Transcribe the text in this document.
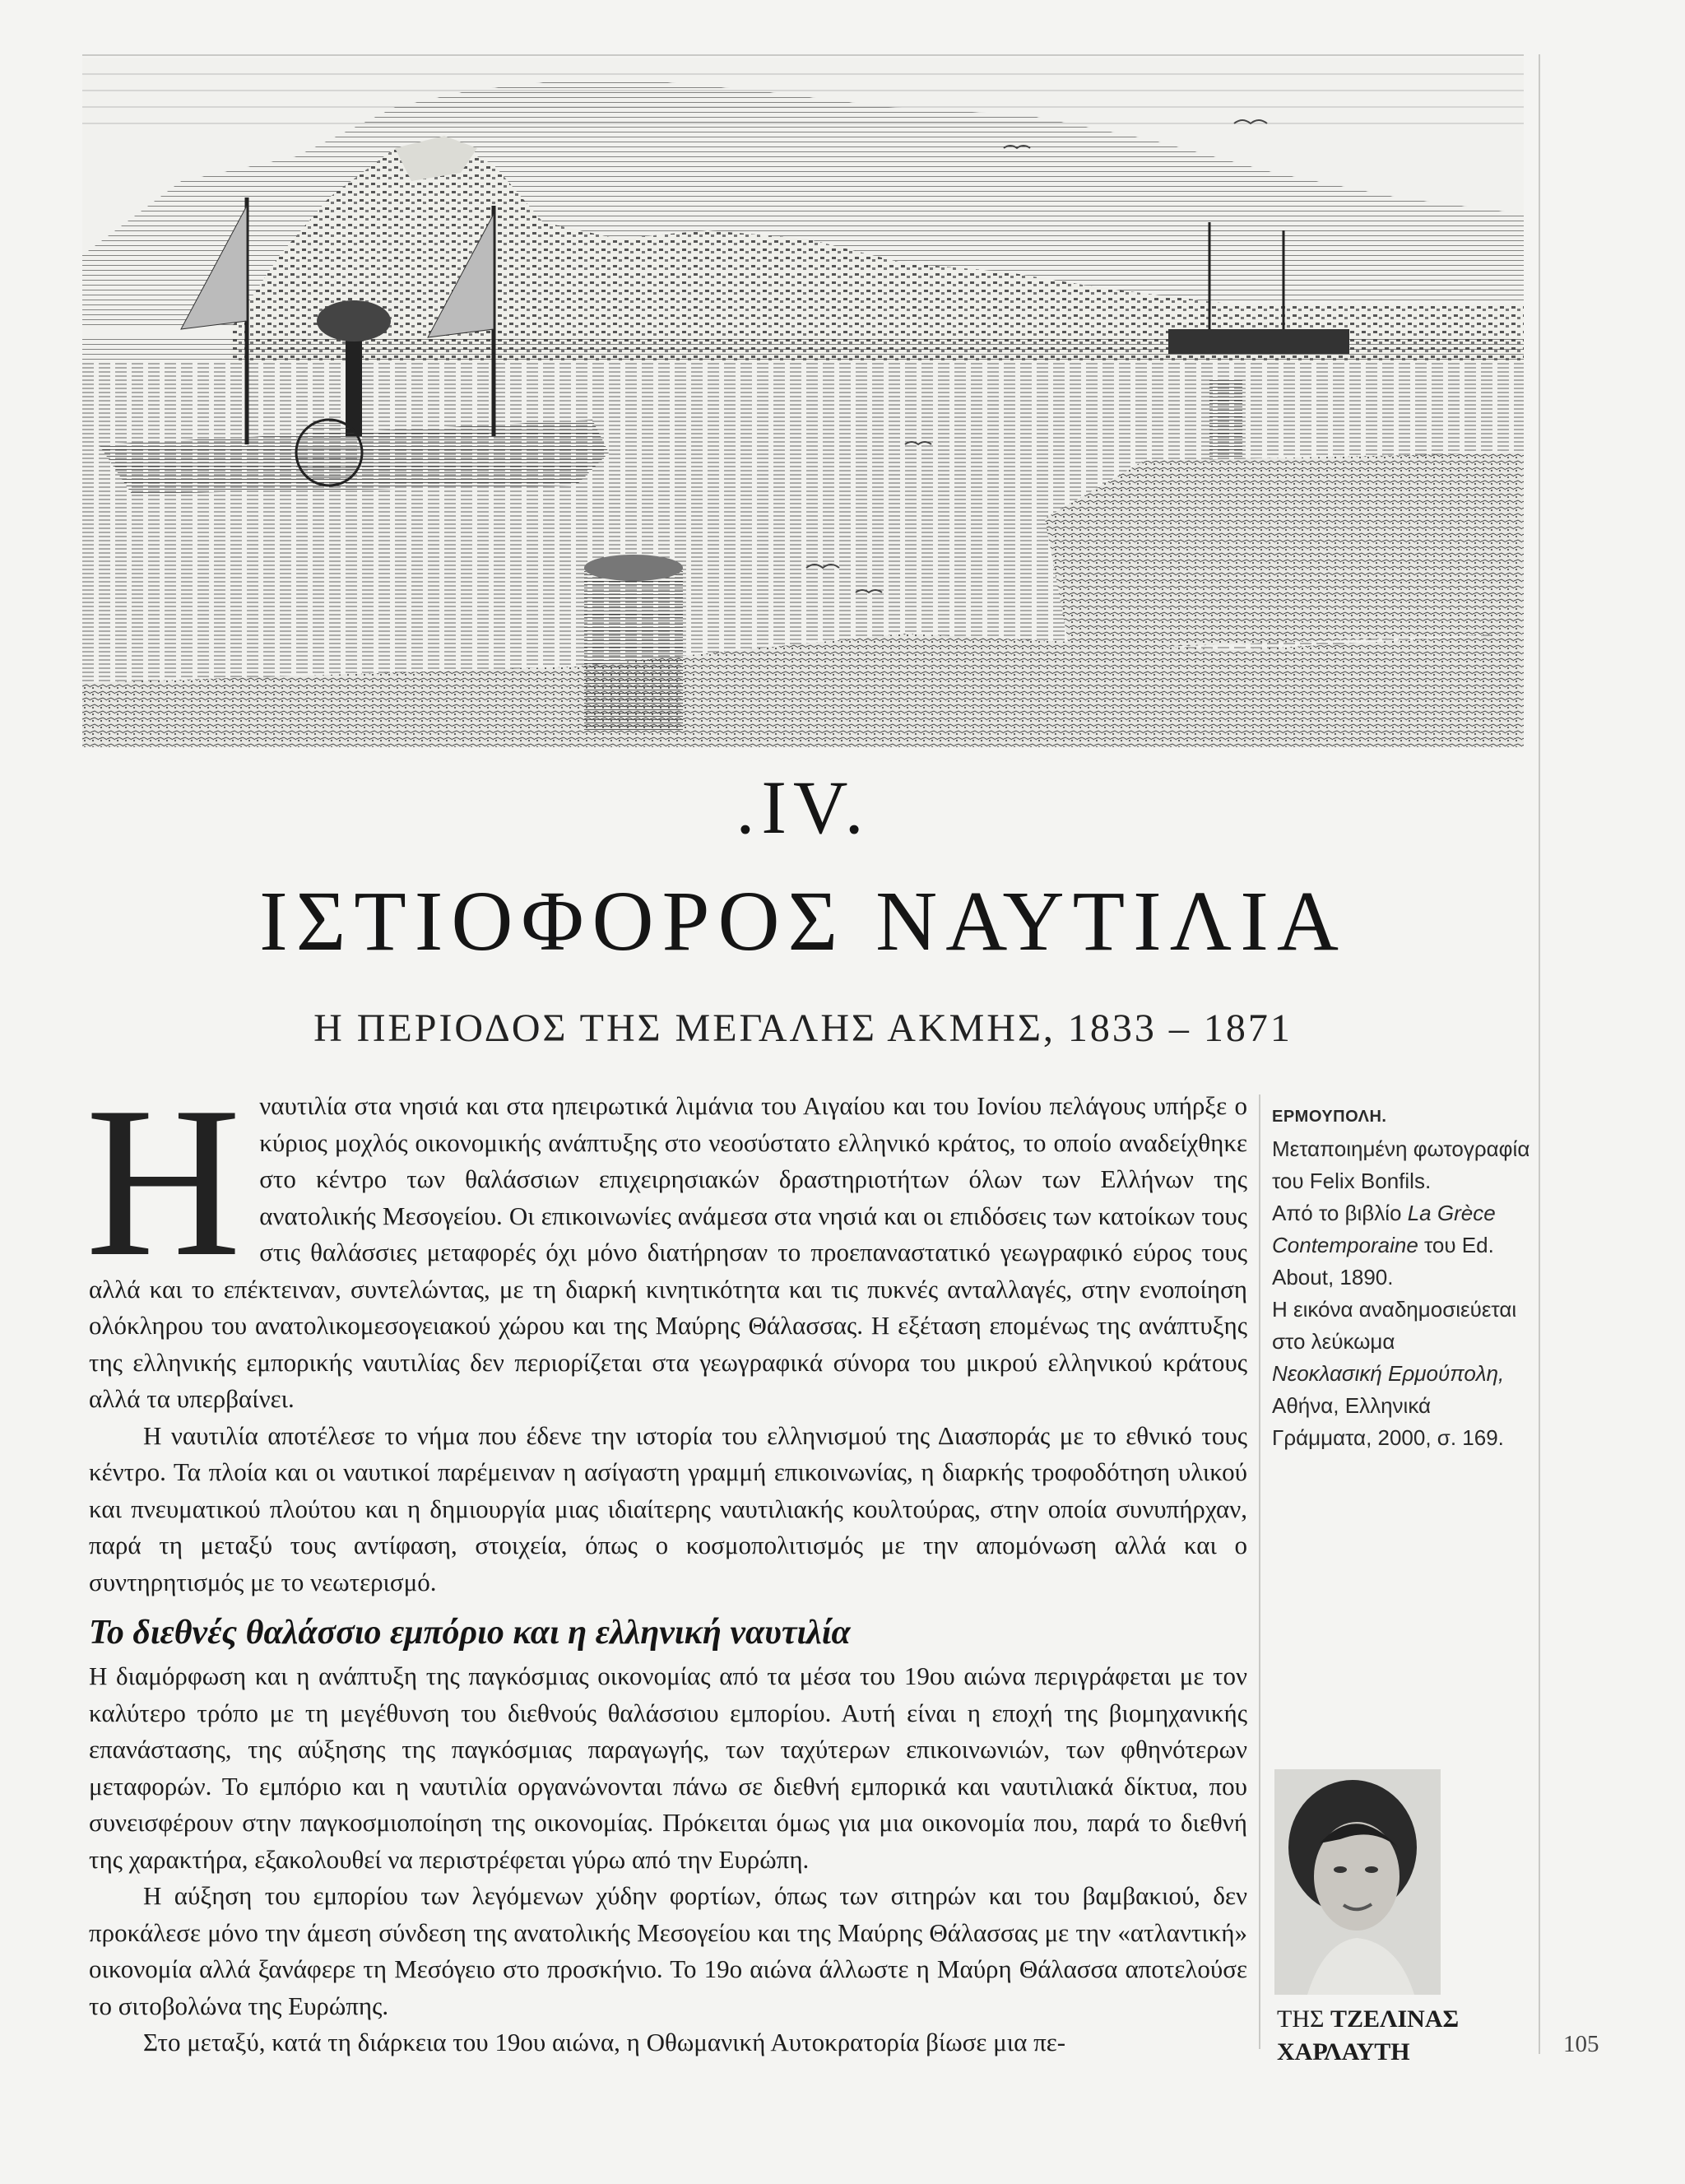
.IV.
ΙΣΤΙΟΦΟΡΟΣ ΝΑΥΤΙΛΙΑ
Η ΠΕΡΙΟΔΟΣ ΤΗΣ ΜΕΓΑΛΗΣ ΑΚΜΗΣ, 1833 – 1871

Ηναυτιλία στα νησιά και στα ηπειρωτικά λιμάνια του Αιγαίου και του Ιονίου πελάγους υπήρξε ο κύριος μοχλός οικονομικής ανάπτυξης στο νεοσύστατο ελληνικό κράτος, το οποίο αναδείχθηκε στο κέντρο των θαλάσσιων επιχειρησιακών δραστηριοτήτων όλων των Ελλήνων της ανατολικής Μεσογείου. Οι επικοινωνίες ανάμεσα στα νησιά και οι επιδόσεις των κατοίκων τους στις θαλάσσιες μεταφορές όχι μόνο διατήρησαν το προεπαναστατικό γεωγραφικό εύρος τους αλλά και το επέκτειναν, συντελώντας, με τη διαρκή κινητικότητα και τις πυκνές ανταλλαγές, στην ενοποίηση ολόκληρου του ανατολικομεσογειακού χώρου και της Μαύρης Θάλασσας. Η εξέταση επομένως της ανάπτυξης της ελληνικής εμπορικής ναυτιλίας δεν περιορίζεται στα γεωγραφικά σύνορα του μικρού ελληνικού κράτους αλλά τα υπερβαίνει.

Η ναυτιλία αποτέλεσε το νήμα που έδενε την ιστορία του ελληνισμού της Διασποράς με το εθνικό τους κέντρο. Τα πλοία και οι ναυτικοί παρέμειναν η ασίγαστη γραμμή επικοινωνίας, η διαρκής τροφοδότηση υλικού και πνευματικού πλούτου και η δημιουργία μιας ιδιαίτερης ναυτιλιακής κουλτούρας, στην οποία συνυπήρχαν, παρά τη μεταξύ τους αντίφαση, στοιχεία, όπως ο κοσμοπολιτισμός με την απομόνωση αλλά και ο συντηρητισμός με το νεωτερισμό.

Το διεθνές θαλάσσιο εμπόριο και η ελληνική ναυτιλία

Η διαμόρφωση και η ανάπτυξη της παγκόσμιας οικονομίας από τα μέσα του 19ου αιώνα περιγράφεται με τον καλύτερο τρόπο με τη μεγέθυνση του διεθνούς θαλάσσιου εμπορίου. Αυτή είναι η εποχή της βιομηχανικής επανάστασης, της αύξησης της παγκόσμιας παραγωγής, των ταχύτερων επικοινωνιών, των φθηνότερων μεταφορών. Το εμπόριο και η ναυτιλία οργανώνονται πάνω σε διεθνή εμπορικά και ναυτιλιακά δίκτυα, που συνεισφέρουν στην παγκοσμιοποίηση της οικονομίας. Πρόκειται όμως για μια οικονομία που, παρά το διεθνή της χαρακτήρα, εξακολουθεί να περιστρέφεται γύρω από την Ευρώπη.

Η αύξηση του εμπορίου των λεγόμενων χύδην φορτίων, όπως των σιτηρών και του βαμβακιού, δεν προκάλεσε μόνο την άμεση σύνδεση της ανατολικής Μεσογείου και της Μαύρης Θάλασσας με την «ατλαντική» οικονομία αλλά ξανάφερε τη Μεσόγειο στο προσκήνιο. Το 19ο αιώνα άλλωστε η Μαύρη Θάλασσα αποτελούσε το σιτοβολώνα της Ευρώπης.

Στο μεταξύ, κατά τη διάρκεια του 19ου αιώνα, η Οθωμανική Αυτοκρατορία βίωσε μια πε-

ΕΡΜΟΥΠΟΛΗ.
Μεταποιημένη φωτογραφία του Felix Bonfils.
Από το βιβλίο La Grèce Contemporaine του Ed. About, 1890.
Η εικόνα αναδημοσιεύεται στο λεύκωμα
Νεοκλασική Ερμούπολη,
Αθήνα, Ελληνικά Γράμματα, 2000, σ. 169.
ΤΗΣ ΤΖΕΛΙΝΑΣ ΧΑΡΛΑΥΤΗ	105
